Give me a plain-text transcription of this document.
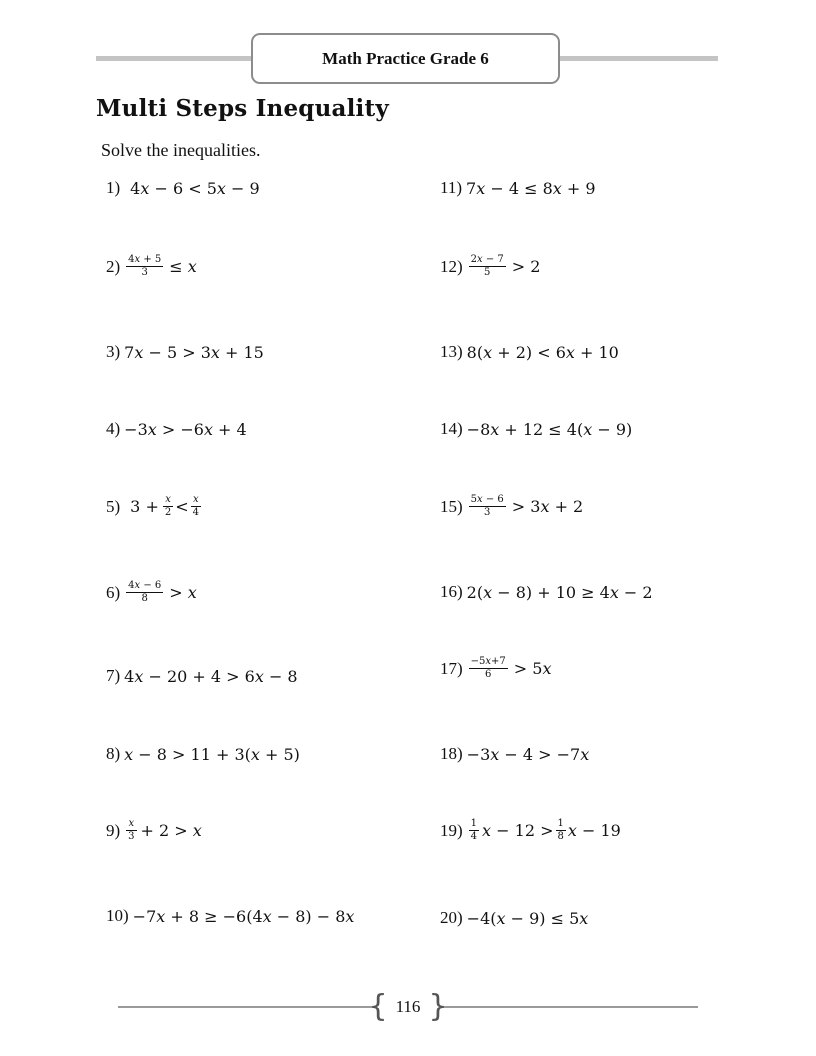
Math Practice Grade 6
Multi Steps Inequality
Solve the inequalities.
1) 4𝑥 − 6 < 5𝑥 − 9
$2) \frac{\text{4𝑥 + 5}}{3}$ ≤ 𝑥
3) 7𝑥 − 5 > 3𝑥 + 15
4) −3𝑥 > −6𝑥 + 4
5) $3 + \frac{\text{𝑥}}{2} < \frac{\text{𝑥}}{4}$
$6) \frac{\text{4𝑥 − 6}}{8}$ > 𝑥
7) 4𝑥 − 20 + 4 > 6𝑥 − 8
8) 𝑥 − 8 > 11 + 3(𝑥 + 5)
$9) \frac{\text{𝑥}}{3} + 2$ > 𝑥
10) −7𝑥 + 8 ≥ −6(4𝑥 − 8) − 8𝑥
11) 7𝑥 − 4 ≤ 8𝑥 + 9
$12) \frac{\text{2𝑥 − 7}}{5} > 2$
13) 8(𝑥 + 2) < 6𝑥 + 10
14) −8𝑥 + 12 ≤ 4(𝑥 − 9)
$15) \frac{\text{5𝑥 − 6}}{3}$ > 3𝑥 + 2
16) 2(𝑥 − 8) + 10 ≥ 4𝑥 − 2
$17) \frac{\text{−5𝑥+7}}{6}$ > 5𝑥
18) −3𝑥 − 4 > −7𝑥
$19) \frac{1}{4}$ 𝑥 − $12 > \frac{1}{8}$ 𝑥 − 19
20) −4(𝑥 − 9) ≤ 5𝑥
{ 116 }
